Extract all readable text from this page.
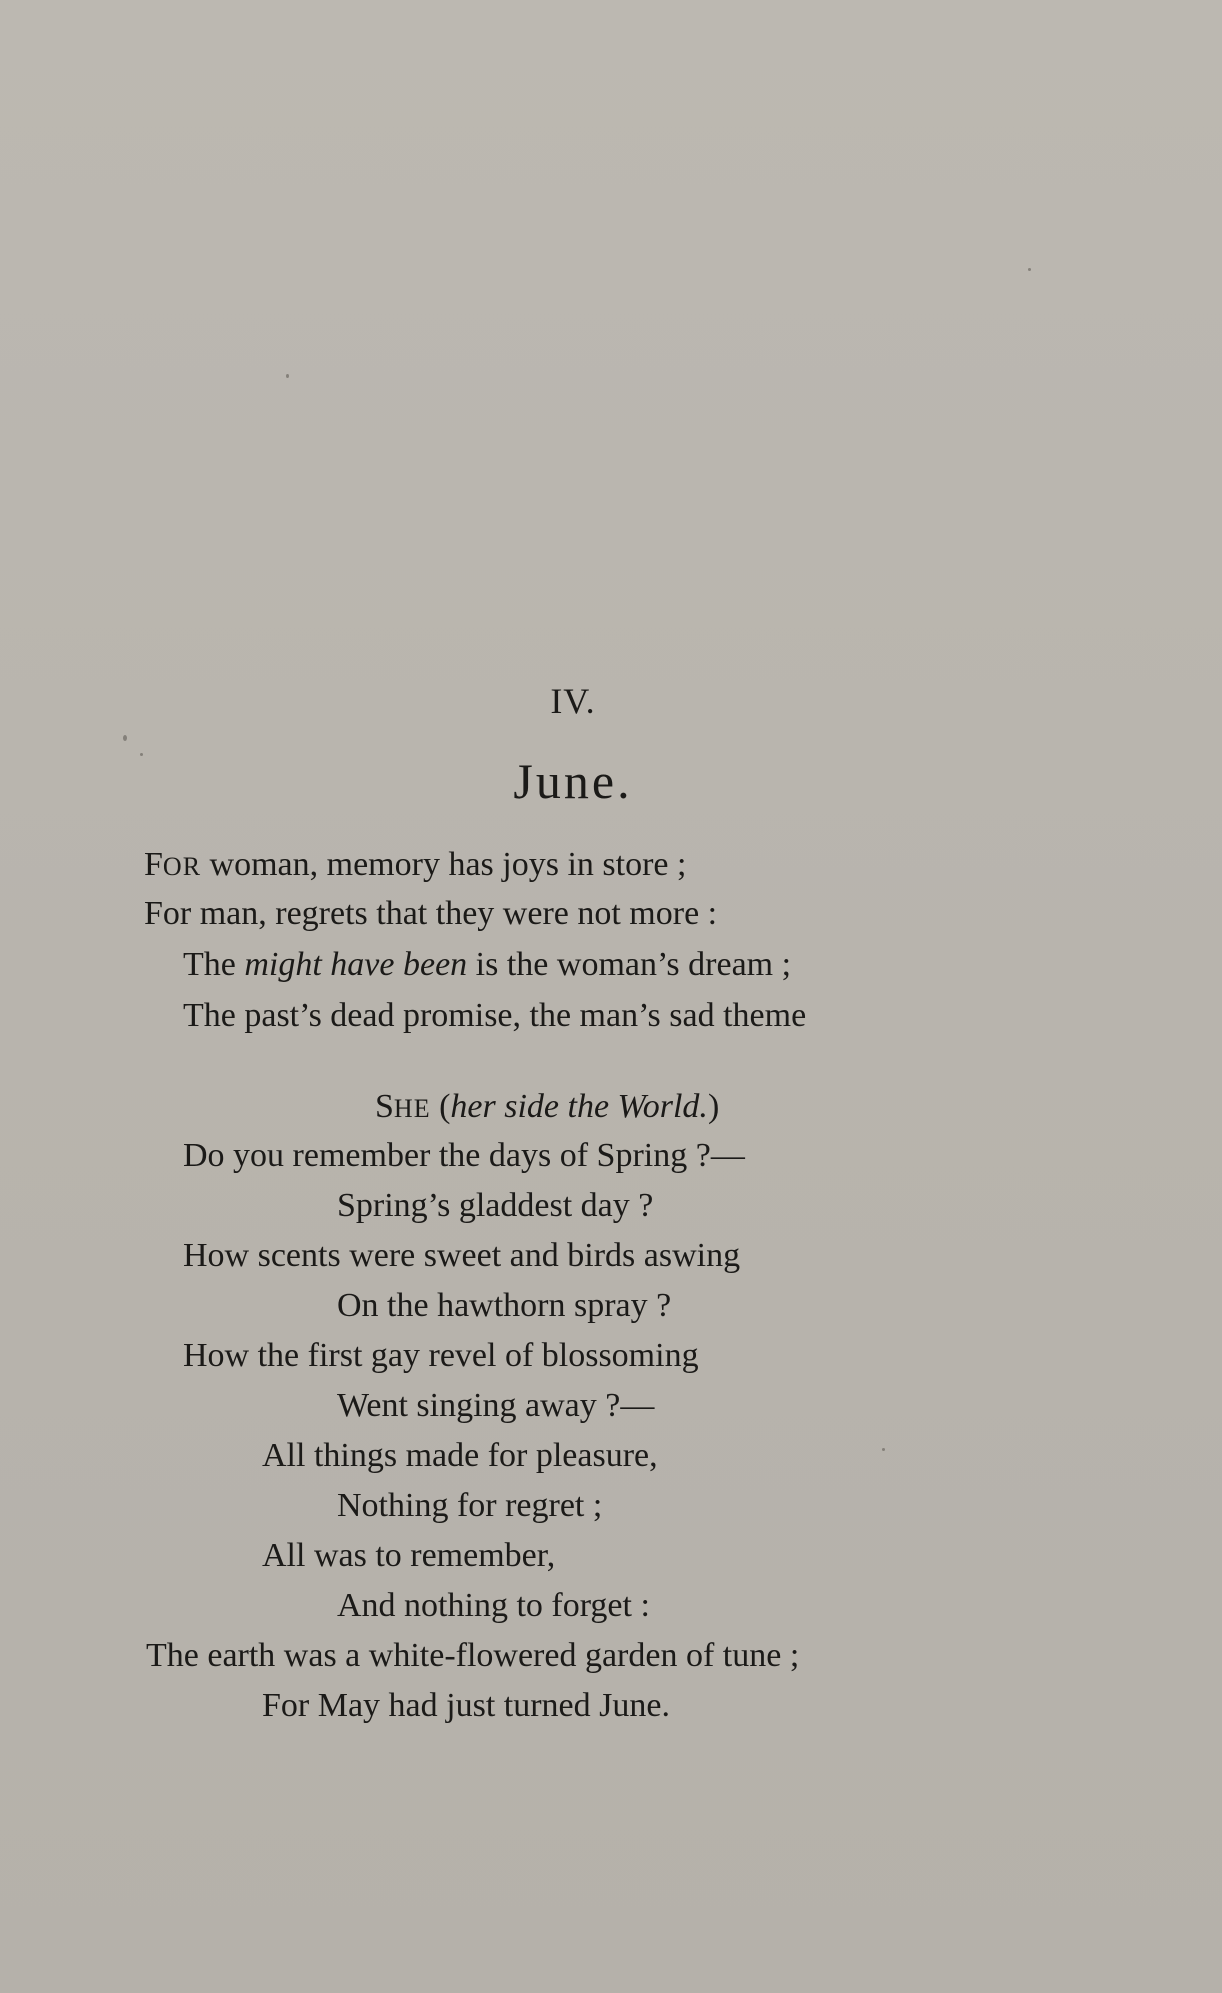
IV.
June.
FOR woman, memory has joys in store ;
For man, regrets that they were not more :
The might have been is the woman’s dream ;
The past’s dead promise, the man’s sad theme
SHE (her side the World.)
Do you remember the days of Spring ?—
Spring’s gladdest day ?
How scents were sweet and birds aswing
On the hawthorn spray ?
How the first gay revel of blossoming
Went singing away ?—
All things made for pleasure,
Nothing for regret ;
All was to remember,
And nothing to forget :
The earth was a white-flowered garden of tune ;
For May had just turned June.
